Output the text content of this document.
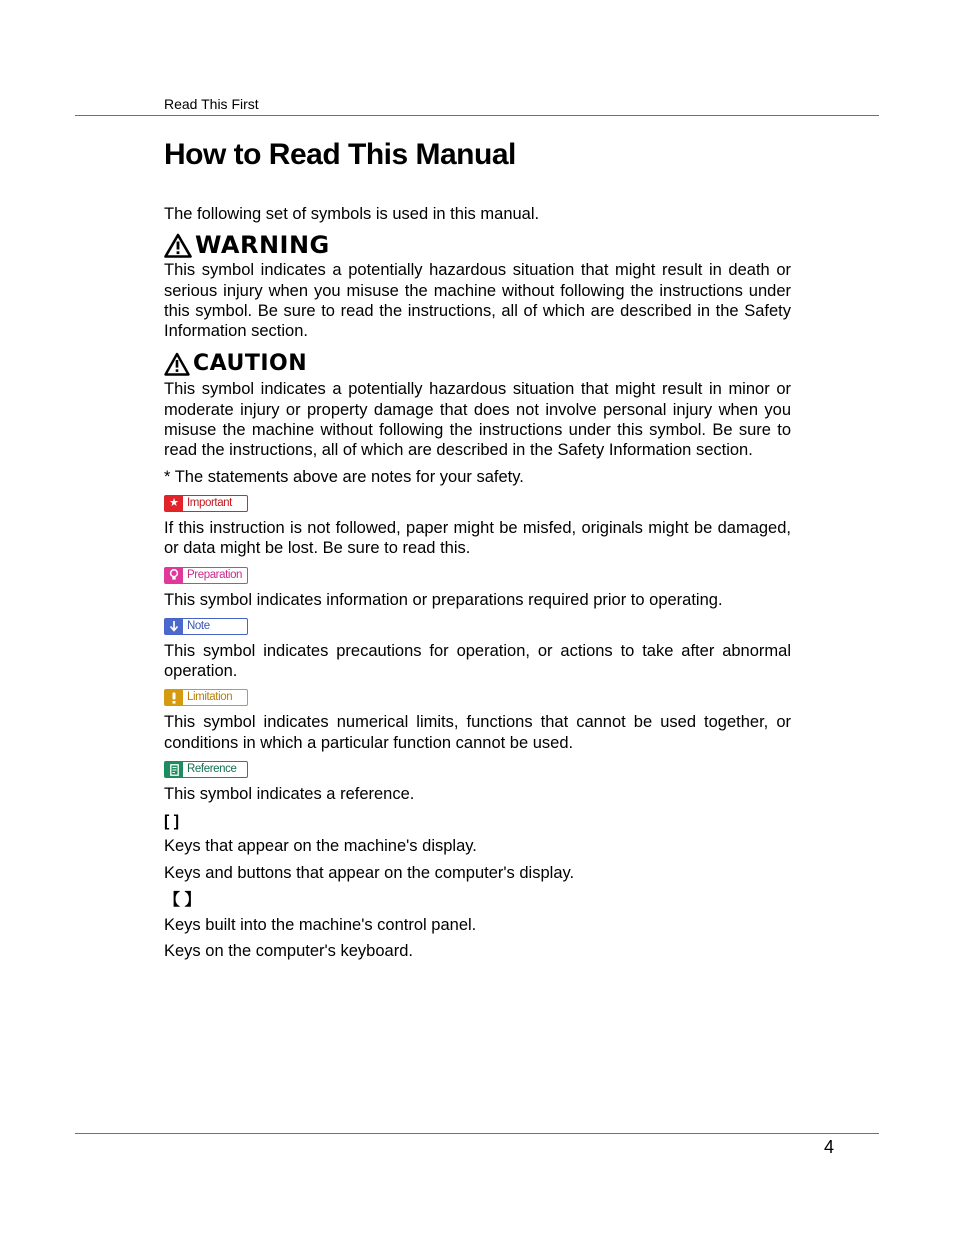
Read This First
How to Read This Manual

The following set of symbols is used in this manual.

WARNING

This symbol indicates a potentially hazardous situation that might result in death or serious injury when you misuse the machine without following the instructions under this symbol. Be sure to read the instructions, all of which are described in the Safety Information section.

CAUTION

This symbol indicates a potentially hazardous situation that might result in minor or moderate injury or property damage that does not involve personal injury when you misuse the machine without following the instructions under this symbol. Be sure to read the instructions, all of which are described in the Safety Information section.

* The statements above are notes for your safety.

★ Important

If this instruction is not followed, paper might be misfed, originals might be damaged, or data might be lost. Be sure to read this.

Preparation

This symbol indicates information or preparations required prior to operating.

Note

This symbol indicates precautions for operation, or actions to take after abnormal operation.

Limitation

This symbol indicates numerical limits, functions that cannot be used together, or conditions in which a particular function cannot be used.

Reference

This symbol indicates a reference.

[ ]

Keys that appear on the machine's display.

Keys and buttons that appear on the computer's display.

【 】

Keys built into the machine's control panel.

Keys on the computer's keyboard.

4
